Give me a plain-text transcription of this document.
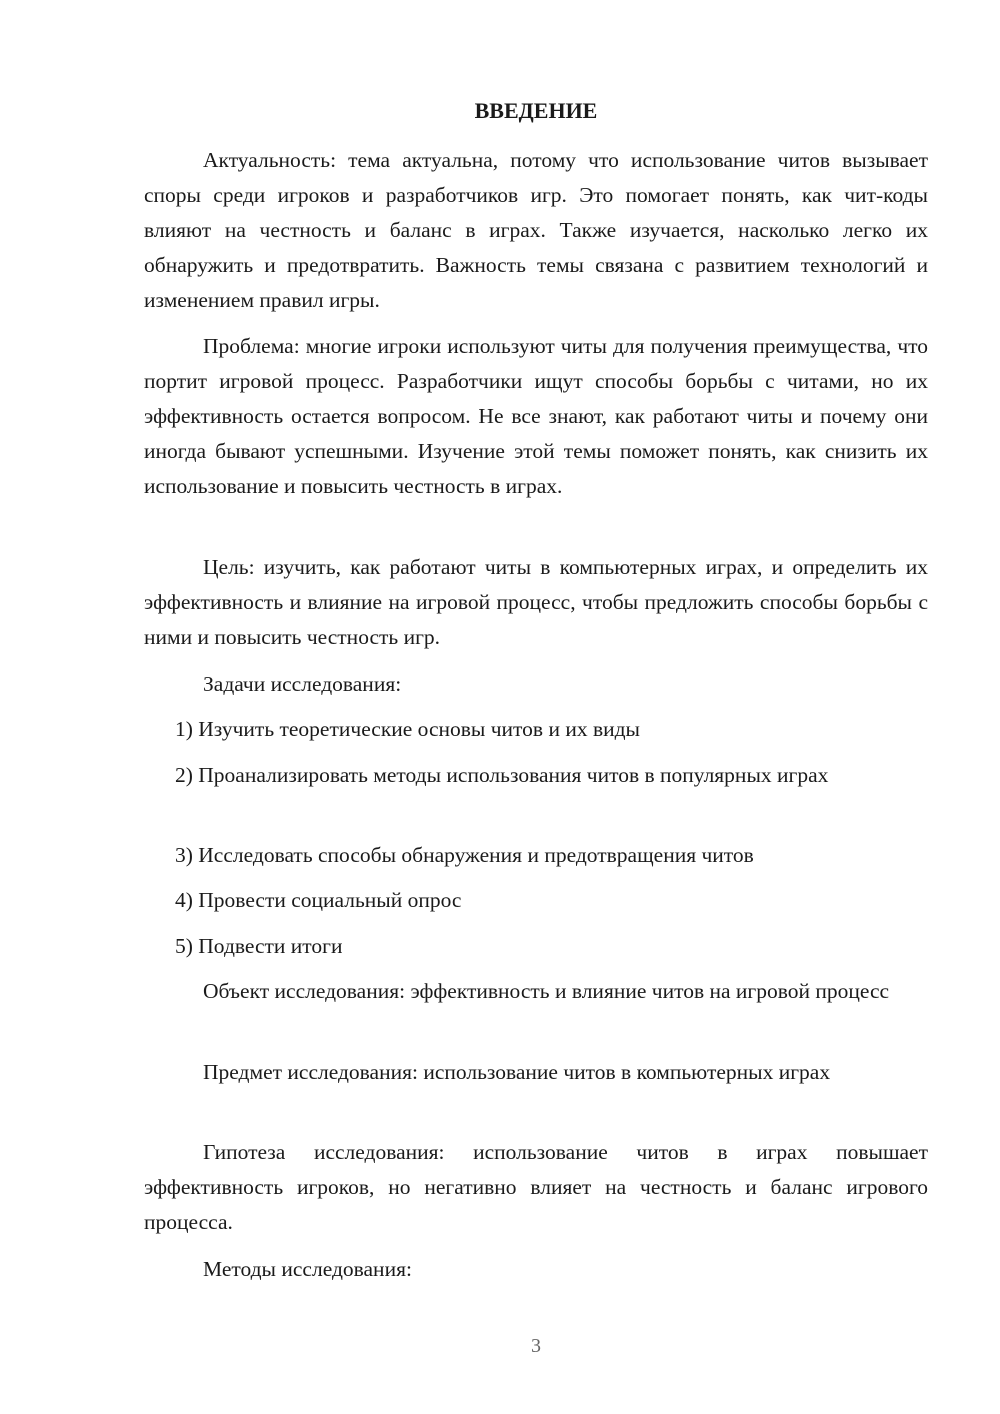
ВВЕДЕНИЕ

Актуальность: тема актуальна, потому что использование читов вызывает споры среди игроков и разработчиков игр. Это помогает понять, как чит-коды влияют на честность и баланс в играх. Также изучается, насколько легко их обнаружить и предотвратить. Важность темы связана с развитием технологий и изменением правил игры.

Проблема: многие игроки используют читы для получения преимущества, что портит игровой процесс. Разработчики ищут способы борьбы с читами, но их эффективность остается вопросом. Не все знают, как работают читы и почему они иногда бывают успешными. Изучение этой темы поможет понять, как снизить их использование и повысить честность в играх.

Цель: изучить, как работают читы в компьютерных играх, и определить их эффективность и влияние на игровой процесс, чтобы предложить способы борьбы с ними и повысить честность игр.

Задачи исследования:

1) Изучить теоретические основы читов и их виды

2) Проанализировать методы использования читов в популярных играх

3) Исследовать способы обнаружения и предотвращения читов

4) Провести социальный опрос

5) Подвести итоги

Объект исследования: эффективность и влияние читов на игровой процесс

Предмет исследования: использование читов в компьютерных играх

Гипотеза исследования: использование читов в играх повышает эффективность игроков, но негативно влияет на честность и баланс игрового процесса.

Методы исследования:

3
